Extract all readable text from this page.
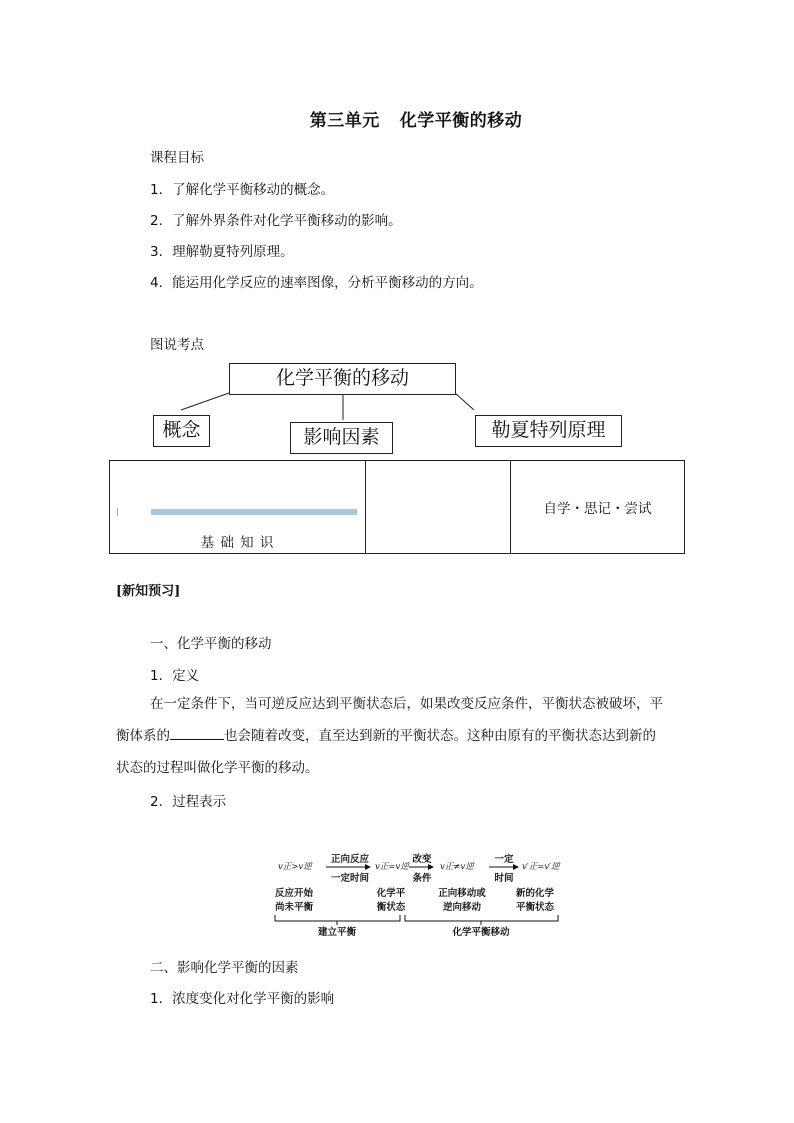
第三单元 化学平衡的移动
课程目标
1．了解化学平衡移动的概念。
2．了解外界条件对化学平衡移动的影响。
3．理解勒夏特列原理。
4．能运用化学反应的速率图像，分析平衡移动的方向。
图说考点
化学平衡的移动
概念	影响因素	勒夏特列原理
基 础 知 识
		自学・思记・尝试
[新知预习]
一、化学平衡的移动
1．定义
在一定条件下，当可逆反应达到平衡状态后，如果改变反应条件，平衡状态被破坏，平
衡体系的	也会随着改变，直至达到新的平衡状态。这种由原有的平衡状态达到新的
状态的过程叫做化学平衡的移动。
2．过程表示
v正>v逆
正向反应
一定时间
v正=v逆
改变
条件
v正≠v逆
一定
时间
v′正=v′逆
反应开始
尚未平衡
化学平
衡状态
正向移动或
逆向移动
新的化学
平衡状态
建立平衡	化学平衡移动
二、影响化学平衡的因素
1．浓度变化对化学平衡的影响
